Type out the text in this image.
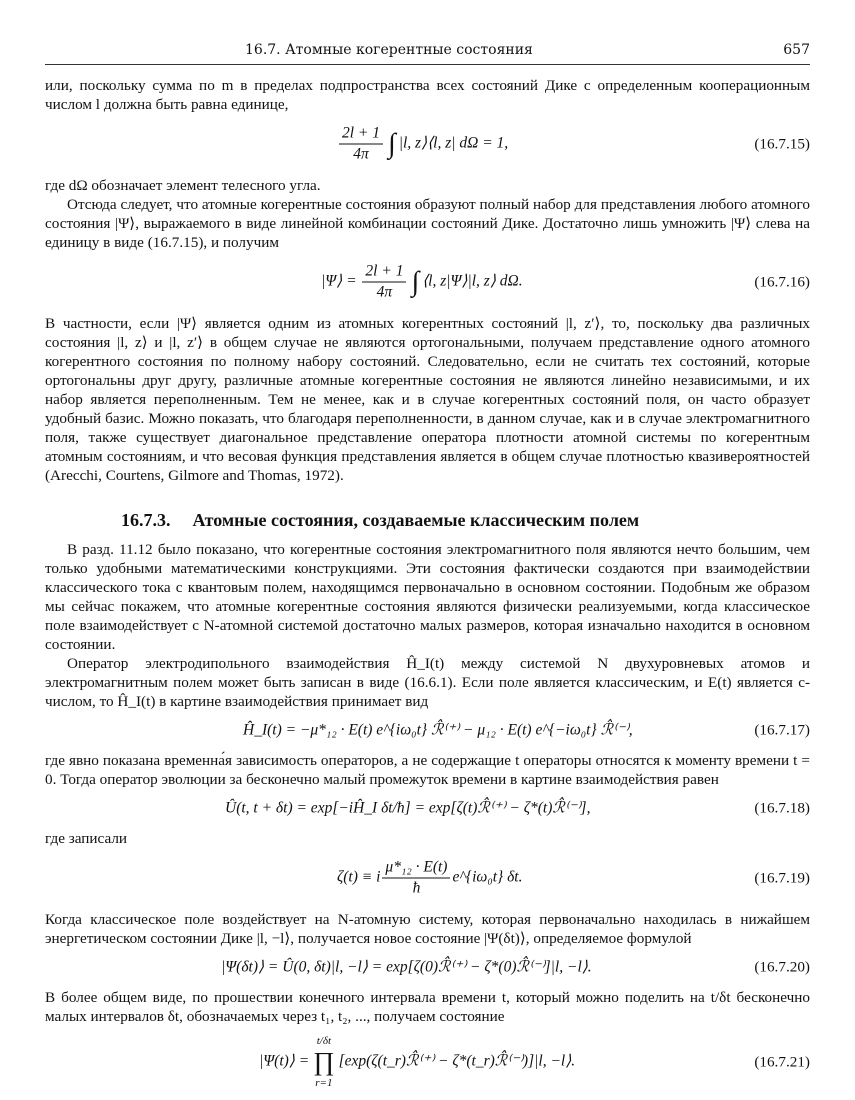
16.7. Атомные когерентные состояния	657

или, поскольку сумма по m в пределах подпространства всех состояний Дике с определенным кооперационным числом l должна быть равна единице,

$\frac{2l + 1}{4\pi}$ ∫ |l, z⟩⟨l, z| dΩ = 1,	(16.7.15)

где dΩ обозначает элемент телесного угла.

Отсюда следует, что атомные когерентные состояния образуют полный набор для представления любого атомного состояния |Ψ⟩, выражаемого в виде линейной комбинации состояний Дике. Достаточно лишь умножить |Ψ⟩ слева на единицу в виде (16.7.15), и получим

|Ψ⟩ = $\frac{2l + 1}{4\pi}$ ∫ ⟨l, z|Ψ⟩|l, z⟩ dΩ.	(16.7.16)

В частности, если |Ψ⟩ является одним из атомных когерентных состояний |l, z′⟩, то, поскольку два различных состояния |l, z⟩ и |l, z′⟩ в общем случае не являются ортогональными, получаем представление одного атомного когерентного состояния по полному набору состояний. Следовательно, если не считать тех состояний, которые ортогональны друг другу, различные атомные когерентные состояния не являются линейно независимыми, и их набор является переполненным. Тем не менее, как и в случае когерентных состояний поля, он часто образует удобный базис. Можно показать, что благодаря переполненности, в данном случае, как и в случае электромагнитного поля, также существует диагональное представление оператора плотности атомной системы по когерентным атомным состояниям, и что весовая функция представления является в общем случае плотностью квазивероятностей (Arecchi, Courtens, Gilmore and Thomas, 1972).

16.7.3. Атомные состояния, создаваемые классическим полем

В разд. 11.12 было показано, что когерентные состояния электромагнитного поля являются нечто большим, чем только удобными математическими конструкциями. Эти состояния фактически создаются при взаимодействии классического тока с квантовым полем, находящимся первоначально в основном состоянии. Подобным же образом мы сейчас покажем, что атомные когерентные состояния являются физически реализуемыми, когда классическое поле взаимодействует с N-атомной системой достаточно малых размеров, которая изначально находится в основном состоянии.

Оператор электродипольного взаимодействия Ĥ_I(t) между системой N двухуровневых атомов и электромагнитным полем может быть записан в виде (16.6.1). Если поле является классическим, и E(t) является c-числом, то Ĥ_I(t) в картине взаимодействия принимает вид

Ĥ_I(t) = −μ*₁₂ · E(t) e^{iω₀t} ℛ̂⁽⁺⁾ − μ₁₂ · E(t) e^{−iω₀t} ℛ̂⁽⁻⁾,	(16.7.17)

где явно показана временна́я зависимость операторов, а не содержащие t операторы относятся к моменту времени t = 0. Тогда оператор эволюции за бесконечно малый промежуток времени в картине взаимодействия равен

Û(t, t + δt) = exp[−iĤ_I δt/ħ] = exp[ζ(t)ℛ̂⁽⁺⁾ − ζ*(t)ℛ̂⁽⁻⁾],	(16.7.18)

где записали

ζ(t) ≡ i $\frac{\text{μ*₁₂ · E(t)}}{ħ}$ e^{iω₀t} δt.	(16.7.19)

Когда классическое поле воздействует на N-атомную систему, которая первоначально находилась в нижайшем энергетическом состоянии Дике |l, −l⟩, получается новое состояние |Ψ(δt)⟩, определяемое формулой

|Ψ(δt)⟩ = Û(0, δt)|l, −l⟩ = exp[ζ(0)ℛ̂⁽⁺⁾ − ζ*(0)ℛ̂⁽⁻⁾]|l, −l⟩.	(16.7.20)

В более общем виде, по прошествии конечного интервала времени t, который можно поделить на t/δt бесконечно малых интервалов δt, обозначаемых через t₁, t₂, ..., получаем состояние

|Ψ(t)⟩ =
t/δt
∏
r=1
[exp(ζ(t_r)ℛ̂⁽⁺⁾ − ζ*(t_r)ℛ̂⁽⁻⁾)]|l, −l⟩.	(16.7.21)
